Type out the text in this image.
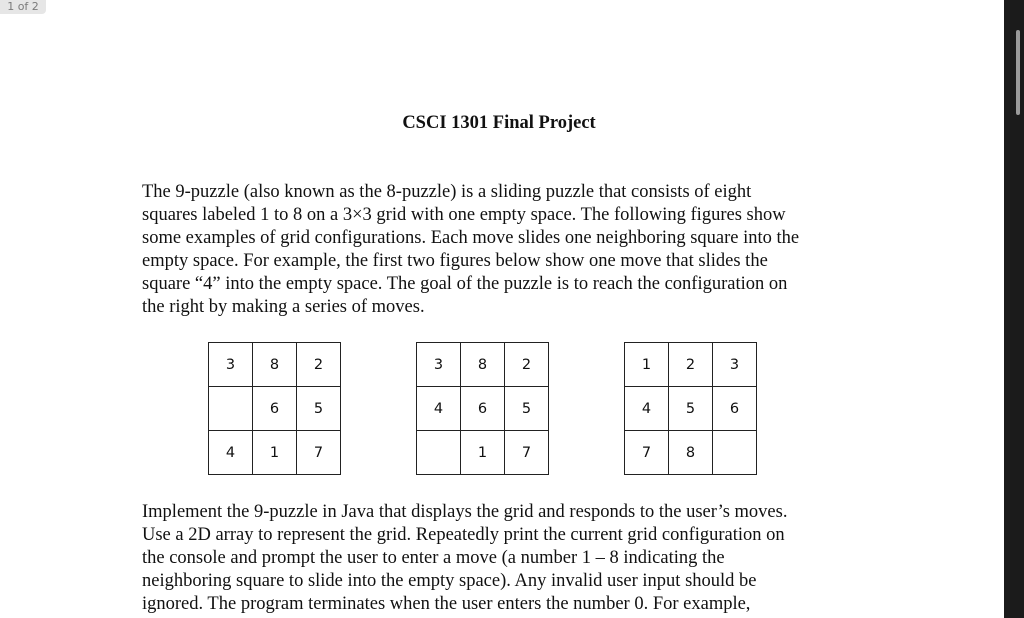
1 of 2
CSCI 1301 Final Project

The 9-puzzle (also known as the 8-puzzle) is a sliding puzzle that consists of eight
squares labeled 1 to 8 on a 3×3 grid with one empty space. The following figures show
some examples of grid configurations. Each move slides one neighboring square into the
empty space. For example, the first two figures below show one move that slides the
square “4” into the empty space. The goal of the puzzle is to reach the configuration on
the right by making a series of moves.

3	8	2
	6	5
4	1	7
3	8	2
4	6	5
	1	7
1	2	3
4	5	6
7	8	

Implement the 9-puzzle in Java that displays the grid and responds to the user’s moves.
Use a 2D array to represent the grid. Repeatedly print the current grid configuration on
the console and prompt the user to enter a move (a number 1 – 8 indicating the
neighboring square to slide into the empty space). Any invalid user input should be
ignored. The program terminates when the user enters the number 0. For example,
